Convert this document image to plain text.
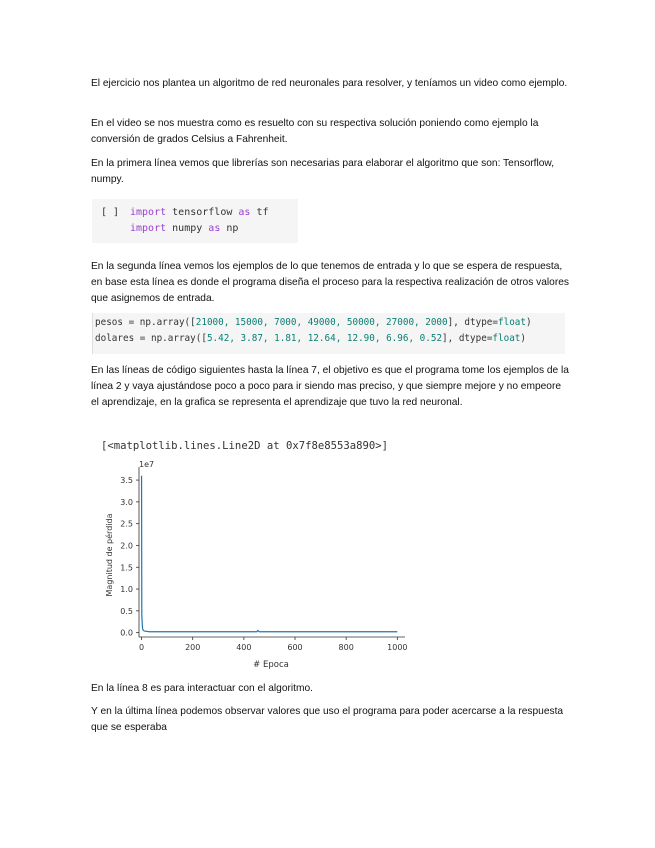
El ejercicio nos plantea un algoritmo de red neuronales para resolver, y teníamos un video como ejemplo.
En el video se nos muestra como es resuelto con su respectiva solución poniendo como ejemplo la conversión de grados Celsius a Fahrenheit.
En la primera línea vemos que librerías son necesarias para elaborar el algoritmo que son: Tensorflow, numpy.
[ ] import tensorflow as tf
import numpy as np
En la segunda línea vemos los ejemplos de lo que tenemos de entrada y lo que se espera de respuesta, en base esta línea es donde el programa diseña el proceso para la respectiva realización de otros valores que asignemos de entrada.
pesos = np.array([21000, 15000, 7000, 49000, 50000, 27000, 2000], dtype=float)
dolares = np.array([5.42, 3.87, 1.81, 12.64, 12.90, 6.96, 0.52], dtype=float)
En las líneas de código siguientes hasta la línea 7, el objetivo es que el programa tome los ejemplos de la línea 2 y vaya ajustándose poco a poco para ir siendo mas preciso, y que siempre mejore y no empeore el aprendizaje, en la grafica se representa el aprendizaje que tuvo la red neuronal.
[<matplotlib.lines.Line2D at 0x7f8e8553a890>]
0.0
0.5
1.0
1.5
2.0
2.5
3.0
3.5
0	200	400	600	800	1000
1e7
# Epoca
Magnitud de pérdida
En la línea 8 es para interactuar con el algoritmo.
Y en la última línea podemos observar valores que uso el programa para poder acercarse a la respuesta que se esperaba
